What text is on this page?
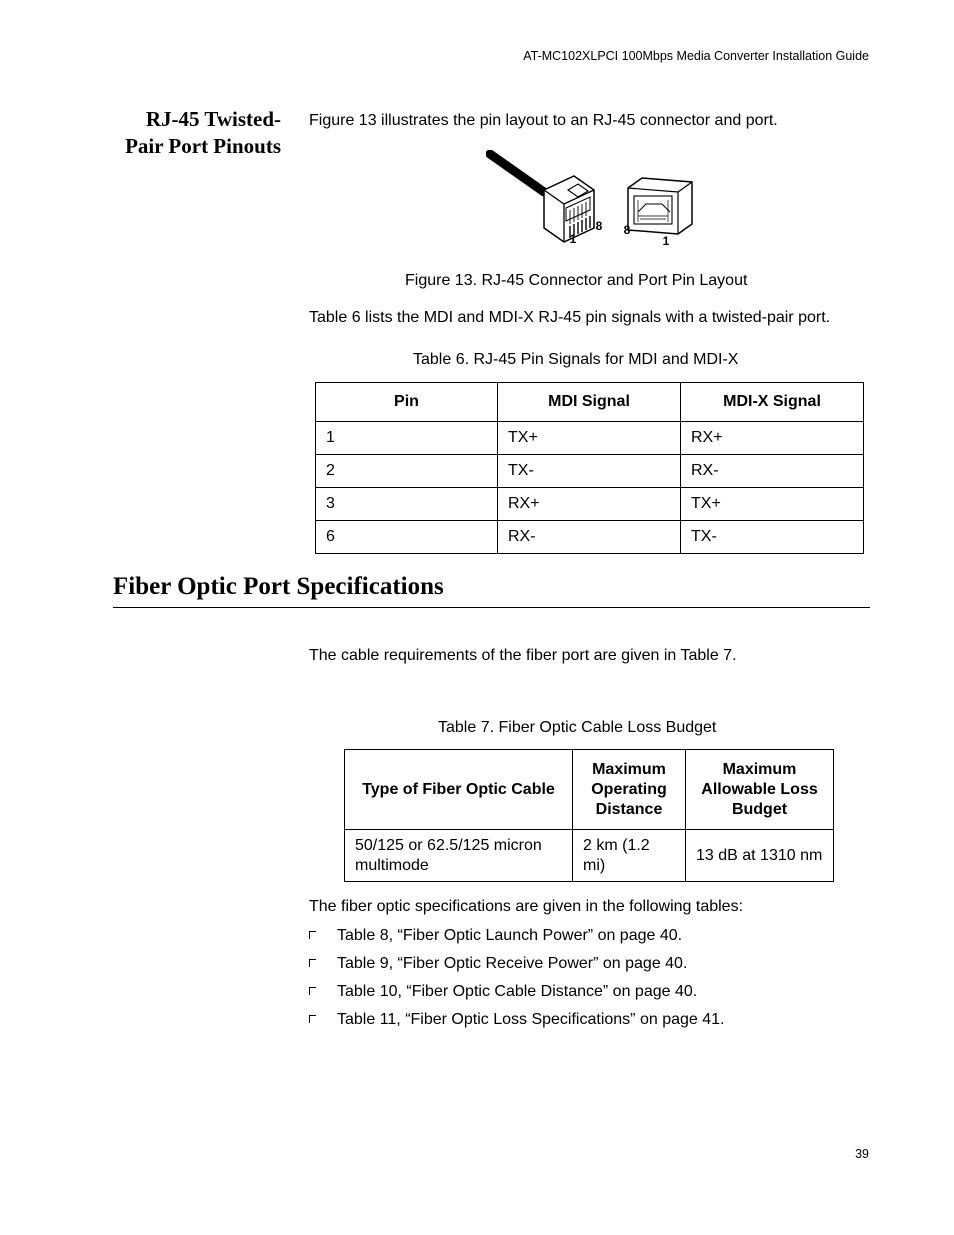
AT-MC102XLPCI 100Mbps Media Converter Installation Guide
RJ-45 Twisted-
Pair Port Pinouts
Figure 13 illustrates the pin layout to an RJ-45 connector and port.
1
8 8
1
Figure 13. RJ-45 Connector and Port Pin Layout
Table 6 lists the MDI and MDI-X RJ-45 pin signals with a twisted-pair port.
Table 6. RJ-45 Pin Signals for MDI and MDI-X
Pin	MDI Signal	MDI-X Signal
1	TX+	RX+
2	TX-	RX-
3	RX+	TX+
6	RX-	TX-
Fiber Optic Port Specifications
The cable requirements of the fiber port are given in Table 7.
Table 7. Fiber Optic Cable Loss Budget
Type of Fiber Optic Cable	Maximum Operating Distance	Maximum Allowable Loss Budget
50/125 or 62.5/125 micron multimode	2 km (1.2 mi)	13 dB at 1310 nm
The fiber optic specifications are given in the following tables:
Table 8, “Fiber Optic Launch Power” on page 40.
Table 9, “Fiber Optic Receive Power” on page 40.
Table 10, “Fiber Optic Cable Distance” on page 40.
Table 11, “Fiber Optic Loss Specifications” on page 41.
39
